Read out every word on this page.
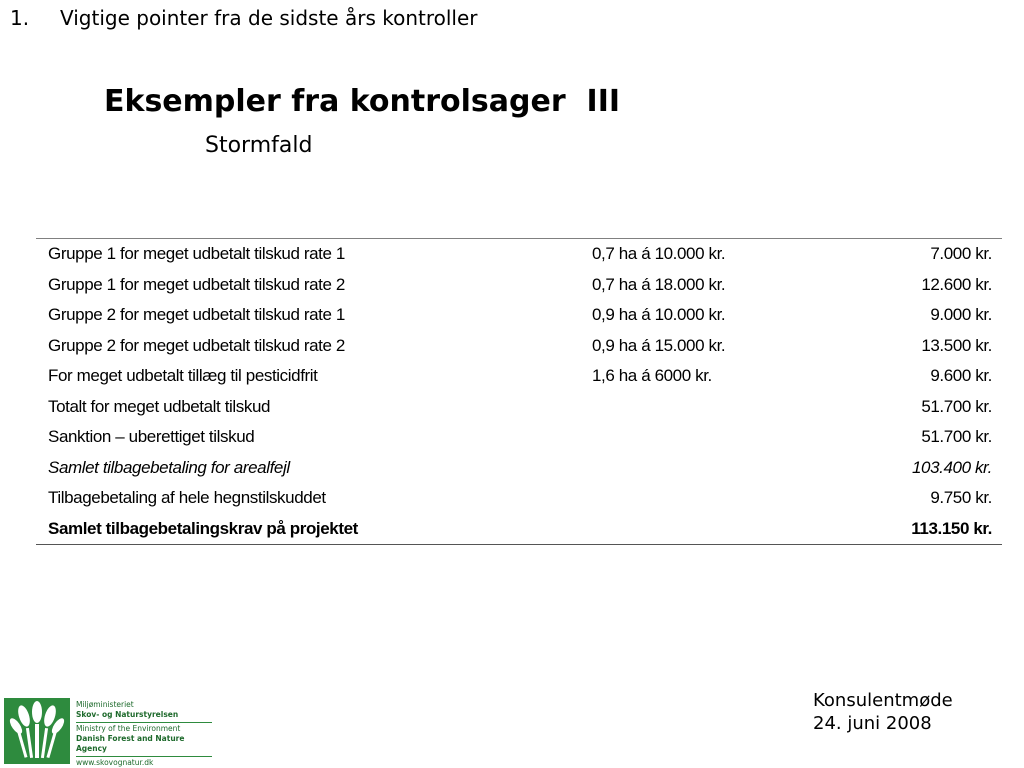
1. Vigtige pointer fra de sidste års kontroller
Eksempler fra kontrolsager  III
Stormfald
Gruppe 1 for meget udbetalt tilskud rate 1	0,7 ha á 10.000 kr.	7.000 kr.
Gruppe 1 for meget udbetalt tilskud rate 2	0,7 ha á 18.000 kr.	12.600 kr.
Gruppe 2 for meget udbetalt tilskud rate 1	0,9 ha á 10.000 kr.	9.000 kr.
Gruppe 2 for meget udbetalt tilskud rate 2	0,9 ha á 15.000 kr.	13.500 kr.
For meget udbetalt tillæg til pesticidfrit	1,6 ha á 6000 kr.	9.600 kr.
Totalt for meget udbetalt tilskud		51.700 kr.
Sanktion – uberettiget tilskud		51.700 kr.
Samlet tilbagebetaling for arealfejl		103.400 kr.
Tilbagebetaling af hele hegnstilskuddet		9.750 kr.
Samlet tilbagebetalingskrav på projektet		113.150 kr.
Miljøministeriet
Skov- og Naturstyrelsen
Ministry of the Environment
Danish Forest and Nature Agency
www.skovognatur.dk
Konsulentmøde
24. juni 2008
